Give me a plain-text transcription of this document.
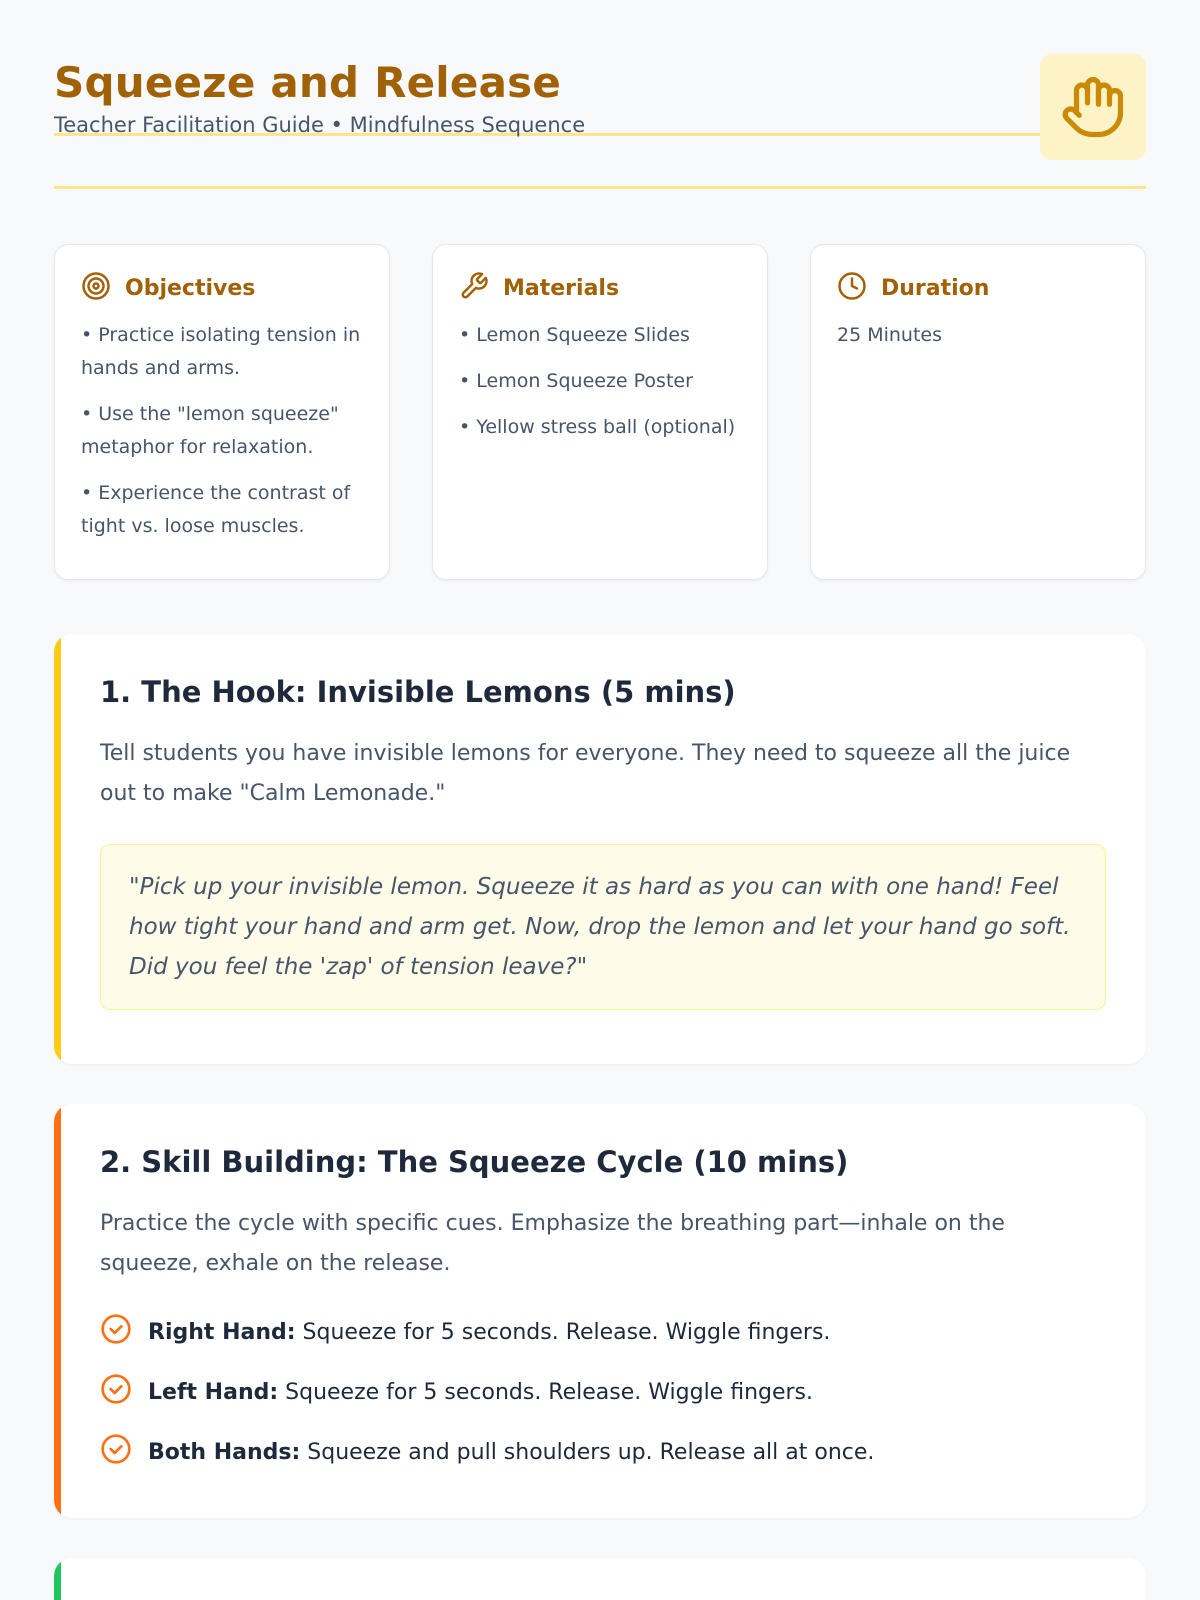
Squeeze and Release
Teacher Facilitation Guide • Mindfulness Sequence
Objectives
• Practice isolating tension in hands and arms.
• Use the "lemon squeeze" metaphor for relaxation.
• Experience the contrast of tight vs. loose muscles.
Materials
• Lemon Squeeze Slides
• Lemon Squeeze Poster
• Yellow stress ball (optional)
Duration
25 Minutes
1. The Hook: Invisible Lemons (5 mins)

Tell students you have invisible lemons for everyone. They need to squeeze all the juice out to make "Calm Lemonade."

"Pick up your invisible lemon. Squeeze it as hard as you can with one hand! Feel how tight your hand and arm get. Now, drop the lemon and let your hand go soft. Did you feel the 'zap' of tension leave?"
2. Skill Building: The Squeeze Cycle (10 mins)

Practice the cycle with specific cues. Emphasize the breathing part—inhale on the squeeze, exhale on the release.

Right Hand: Squeeze for 5 seconds. Release. Wiggle fingers.
Left Hand: Squeeze for 5 seconds. Release. Wiggle fingers.
Both Hands: Squeeze and pull shoulders up. Release all at once.
